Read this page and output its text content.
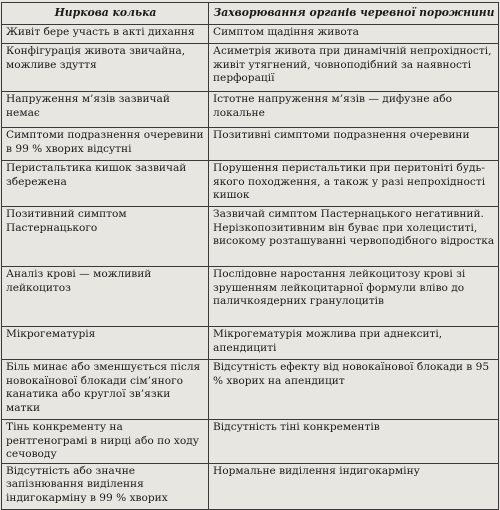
Ниркова колька	Захворювання органів черевної порожнини
Живіт бере участь в акті дихання	Симптом щадіння живота
Конфігурація живота звичайна, можливе здуття	Асиметрія живота при динамічній непрохідності, живіт утягнений, човноподібний за наявності перфорації
Напруження м’язів зазвичай немає	Істотне напруження м’язів — дифузне або локальне
Симптоми подразнення очеревини в 99 % хворих відсутні	Позитивні симптоми подразнення очеревини
Перистальтика кишок зазвичай збережена	Порушення перистальтики при перитоніті будь-якого походження, а також у разі непрохідності кишок
Позитивний симптом Пастернацького	Зазвичай симптом Пастернацького негативний. Нерізкопозитивним він буває при холециститі, високому розташуванні червоподібного відростка
Аналіз крові — можливий лейкоцитоз	Послідовне наростання лейкоцитозу крові зі зрушенням лейкоцитарної формули вліво до паличкоядерних гранулоцитів
Мікрогематурія	Мікрогематурія можлива при аднекситі, апендициті
Біль минає або зменшується після новокаїнової блокади сім’яного канатика або круглої зв’язки матки	Відсутність ефекту від новокаїнової блокади в 95 % хворих на апендицит
Тінь конкременту на рентгенограмі в нирці або по ходу сечоводу	Відсутність тіні конкрементів
Відсутність або значне запізнювання виділення індигокарміну в 99 % хворих	Нормальне виділення індигокарміну
